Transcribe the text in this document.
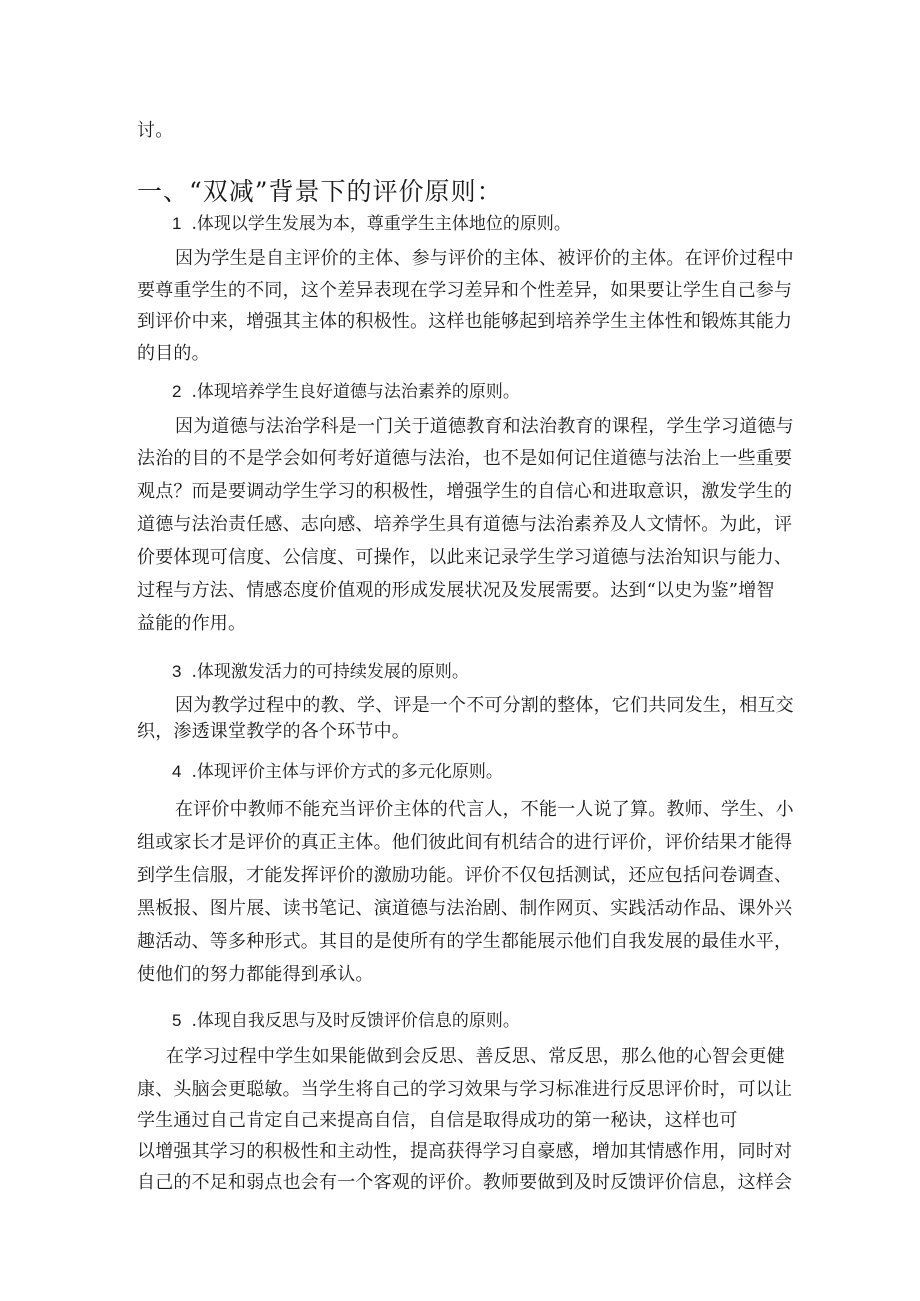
讨。
一、“双减”背景下的评价原则：
1 .体现以学生发展为本，尊重学生主体地位的原则。
因为学生是自主评价的主体、参与评价的主体、被评价的主体。在评价过程中
要尊重学生的不同，这个差异表现在学习差异和个性差异，如果要让学生自己参与
到评价中来，增强其主体的积极性。这样也能够起到培养学生主体性和锻炼其能力
的目的。
2 .体现培养学生良好道德与法治素养的原则。
因为道德与法治学科是一门关于道德教育和法治教育的课程，学生学习道德与
法治的目的不是学会如何考好道德与法治，也不是如何记住道德与法治上一些重要
观点？而是要调动学生学习的积极性，增强学生的自信心和进取意识，激发学生的
道德与法治责任感、志向感、培养学生具有道德与法治素养及人文情怀。为此，评
价要体现可信度、公信度、可操作，以此来记录学生学习道德与法治知识与能力、
过程与方法、情感态度价值观的形成发展状况及发展需要。达到“以史为鉴”增智
益能的作用。
3 .体现激发活力的可持续发展的原则。
因为教学过程中的教、学、评是一个不可分割的整体，它们共同发生，相互交
织，渗透课堂教学的各个环节中。
4 .体现评价主体与评价方式的多元化原则。
在评价中教师不能充当评价主体的代言人，不能一人说了算。教师、学生、小
组或家长才是评价的真正主体。他们彼此间有机结合的进行评价，评价结果才能得
到学生信服，才能发挥评价的激励功能。评价不仅包括测试，还应包括问卷调查、
黑板报、图片展、读书笔记、演道德与法治剧、制作网页、实践活动作品、课外兴
趣活动、等多种形式。其目的是使所有的学生都能展示他们自我发展的最佳水平，
使他们的努力都能得到承认。
5 .体现自我反思与及时反馈评价信息的原则。
在学习过程中学生如果能做到会反思、善反思、常反思，那么他的心智会更健
康、头脑会更聪敏。当学生将自己的学习效果与学习标准进行反思评价时，可以让
学生通过自己肯定自己来提高自信，自信是取得成功的第一秘诀，这样也可
以增强其学习的积极性和主动性，提高获得学习自豪感，增加其情感作用，同时对
自己的不足和弱点也会有一个客观的评价。教师要做到及时反馈评价信息，这样会
